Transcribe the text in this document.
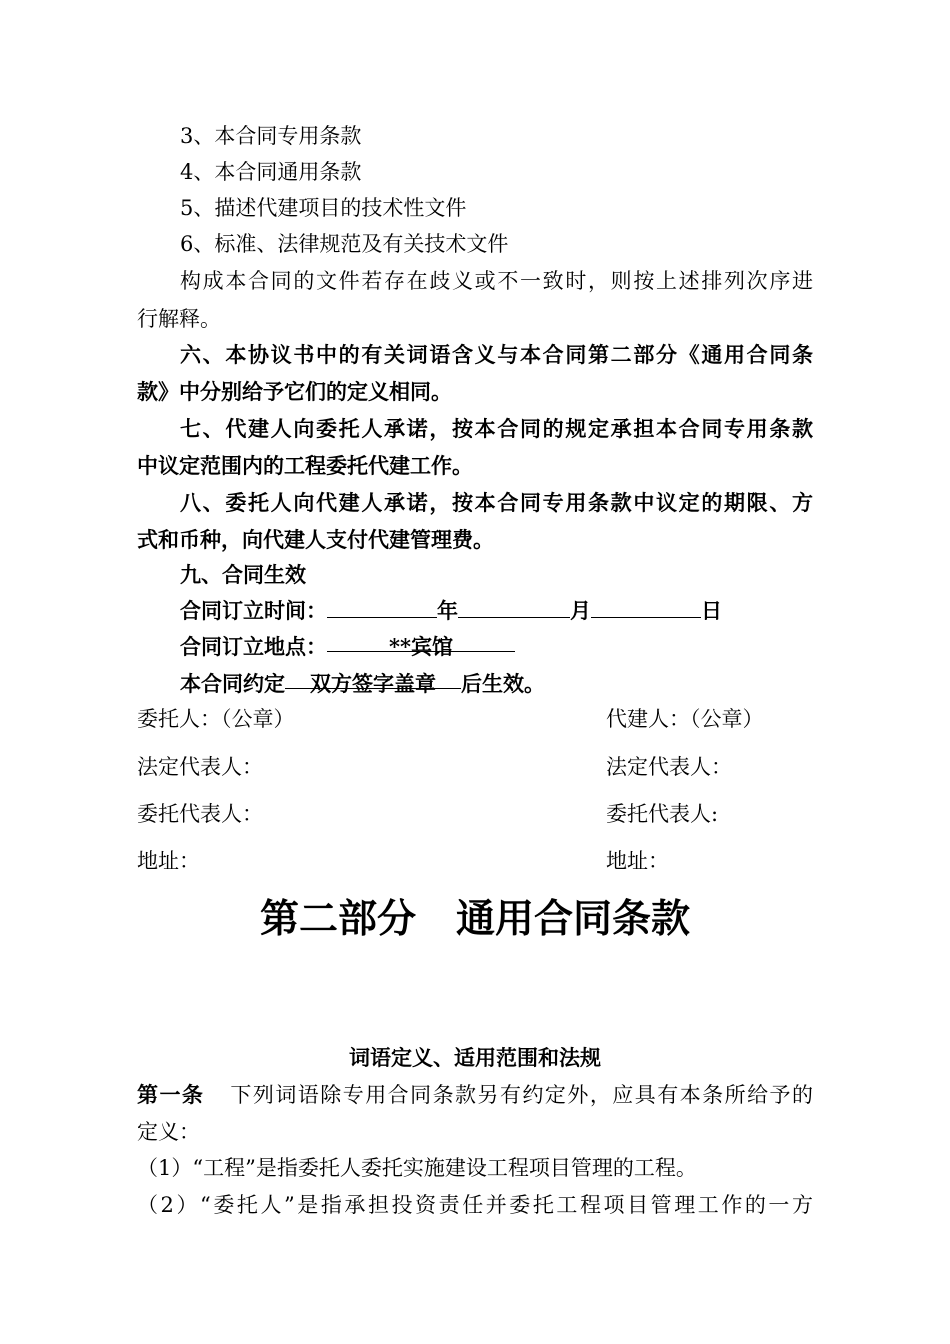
3、本合同专用条款
4、本合同通用条款
5、描述代建项目的技术性文件
6、标准、法律规范及有关技术文件
构成本合同的文件若存在歧义或不一致时，则按上述排列次序进
行解释。
六、本协议书中的有关词语含义与本合同第二部分《通用合同条
款》中分别给予它们的定义相同。
七、代建人向委托人承诺，按本合同的规定承担本合同专用条款
中议定范围内的工程委托代建工作。
八、委托人向代建人承诺，按本合同专用条款中议定的期限、方
式和币种，向代建人支付代建管理费。
九、合同生效
合同订立时间：	年	月	日
合同订立地点：	**宾馆
本合同约定 双方签字盖章 后生效。
委托人：（公章）	代建人：（公章）
法定代表人：	法定代表人：
委托代表人：	委托代表人:
地址：	地址：
第二部分 通用合同条款
词语定义、适用范围和法规
第一条 下列词语除专用合同条款另有约定外，应具有本条所给予的
定义：
（1）“工程”是指委托人委托实施建设工程项目管理的工程。
（2）“委托人”是指承担投资责任并委托工程项目管理工作的一方
